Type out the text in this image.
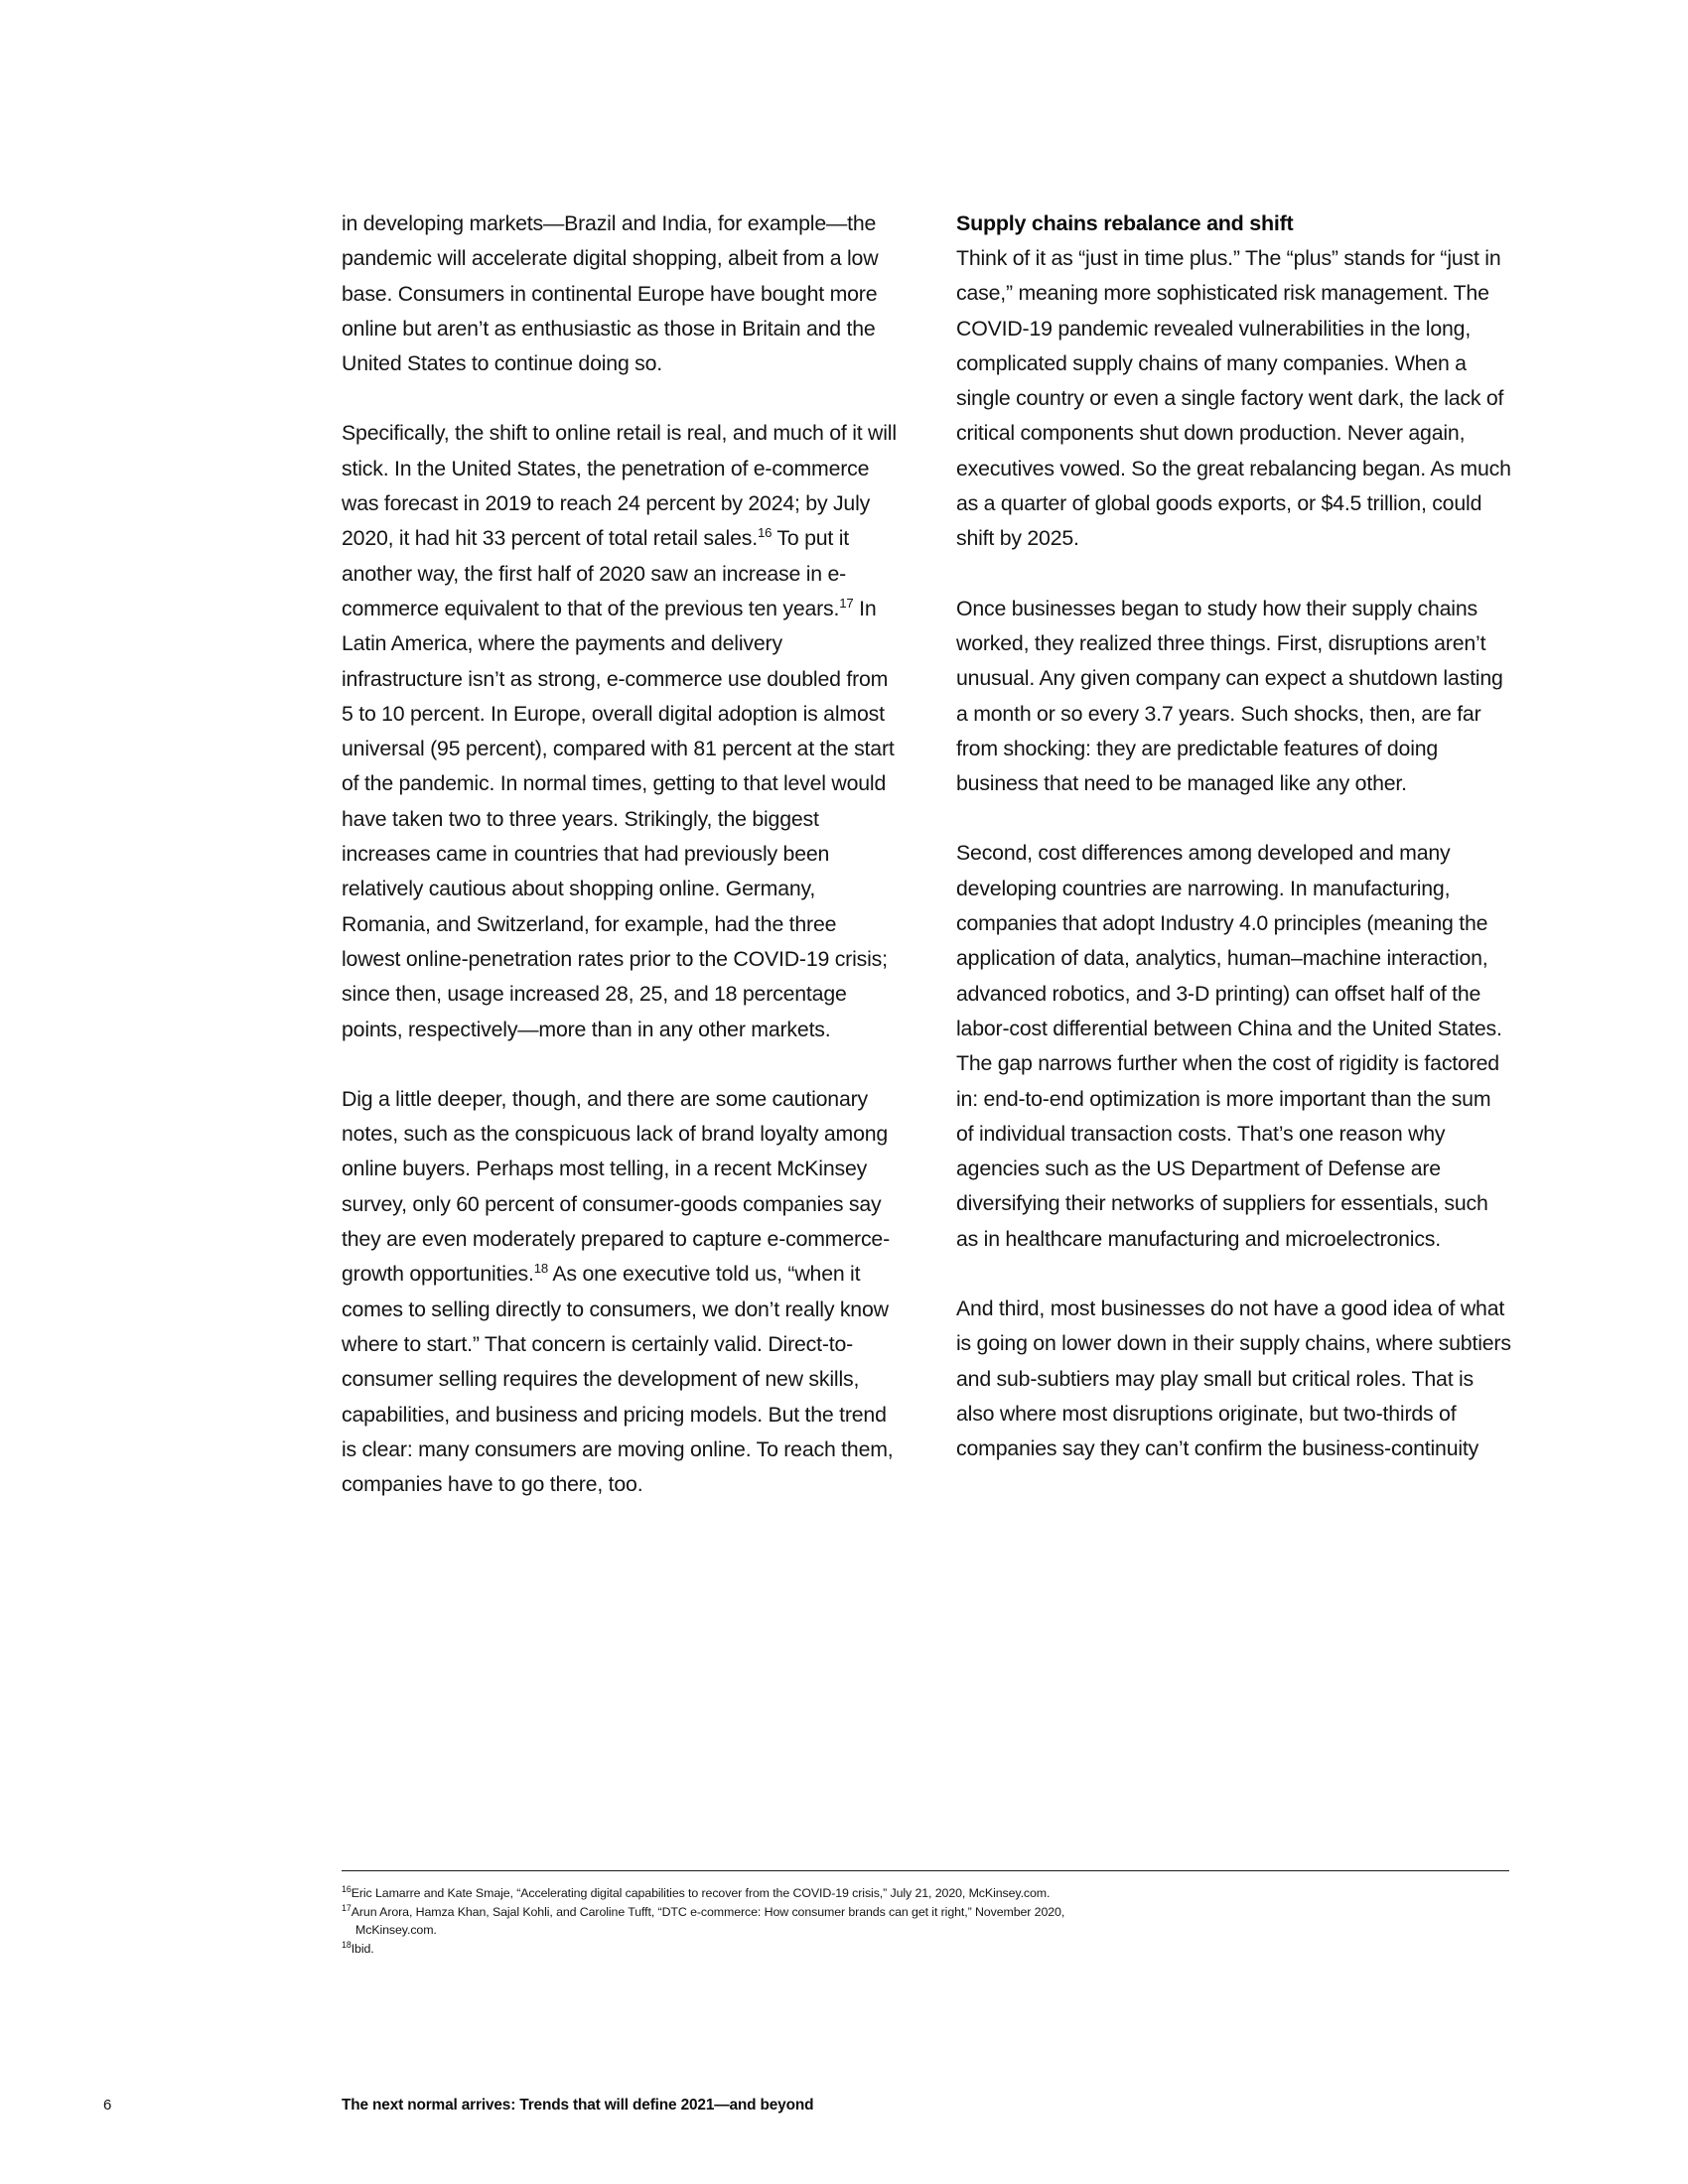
in developing markets—Brazil and India, for example—the pandemic will accelerate digital shopping, albeit from a low base. Consumers in continental Europe have bought more online but aren’t as enthusiastic as those in Britain and the United States to continue doing so.

Specifically, the shift to online retail is real, and much of it will stick. In the United States, the penetration of e-commerce was forecast in 2019 to reach 24 percent by 2024; by July 2020, it had hit 33 percent of total retail sales.$^{16}$ To put it another way, the first half of 2020 saw an increase in e-commerce equivalent to that of the previous ten years.$^{17}$ In Latin America, where the payments and delivery infrastructure isn’t as strong, e-commerce use doubled from 5 to 10 percent. In Europe, overall digital adoption is almost universal (95 percent), compared with 81 percent at the start of the pandemic. In normal times, getting to that level would have taken two to three years. Strikingly, the biggest increases came in countries that had previously been relatively cautious about shopping online. Germany, Romania, and Switzerland, for example, had the three lowest online-penetration rates prior to the COVID-19 crisis; since then, usage increased 28, 25, and 18 percentage points, respectively—more than in any other markets.

Dig a little deeper, though, and there are some cautionary notes, such as the conspicuous lack of brand loyalty among online buyers. Perhaps most telling, in a recent McKinsey survey, only 60 percent of consumer-goods companies say they are even moderately prepared to capture e-commerce-growth opportunities.$^{18}$ As one executive told us, “when it comes to selling directly to consumers, we don’t really know where to start.” That concern is certainly valid. Direct-to-consumer selling requires the development of new skills, capabilities, and business and pricing models. But the trend is clear: many consumers are moving online. To reach them, companies have to go there, too.

Supply chains rebalance and shift

Think of it as “just in time plus.” The “plus” stands for “just in case,” meaning more sophisticated risk management. The COVID-19 pandemic revealed vulnerabilities in the long, complicated supply chains of many companies. When a single country or even a single factory went dark, the lack of critical components shut down production. Never again, executives vowed. So the great rebalancing began. As much as a quarter of global goods exports, or $4.5 trillion, could shift by 2025.

Once businesses began to study how their supply chains worked, they realized three things. First, disruptions aren’t unusual. Any given company can expect a shutdown lasting a month or so every 3.7 years. Such shocks, then, are far from shocking: they are predictable features of doing business that need to be managed like any other.

Second, cost differences among developed and many developing countries are narrowing. In manufacturing, companies that adopt Industry 4.0 principles (meaning the application of data, analytics, human–machine interaction, advanced robotics, and 3-D printing) can offset half of the labor-cost differential between China and the United States. The gap narrows further when the cost of rigidity is factored in: end-to-end optimization is more important than the sum of individual transaction costs. That’s one reason why agencies such as the US Department of Defense are diversifying their networks of suppliers for essentials, such as in healthcare manufacturing and microelectronics.

And third, most businesses do not have a good idea of what is going on lower down in their supply chains, where subtiers and sub-subtiers may play small but critical roles. That is also where most disruptions originate, but two-thirds of companies say they can’t confirm the business-continuity

$^{16}$Eric Lamarre and Kate Smaje, “Accelerating digital capabilities to recover from the COVID-19 crisis,” July 21, 2020, McKinsey.com.

$^{17}$Arun Arora, Hamza Khan, Sajal Kohli, and Caroline Tufft, “DTC e-commerce: How consumer brands can get it right,” November 2020,

McKinsey.com.

$^{18}$Ibid.

6	The next normal arrives: Trends that will define 2021—and beyond
